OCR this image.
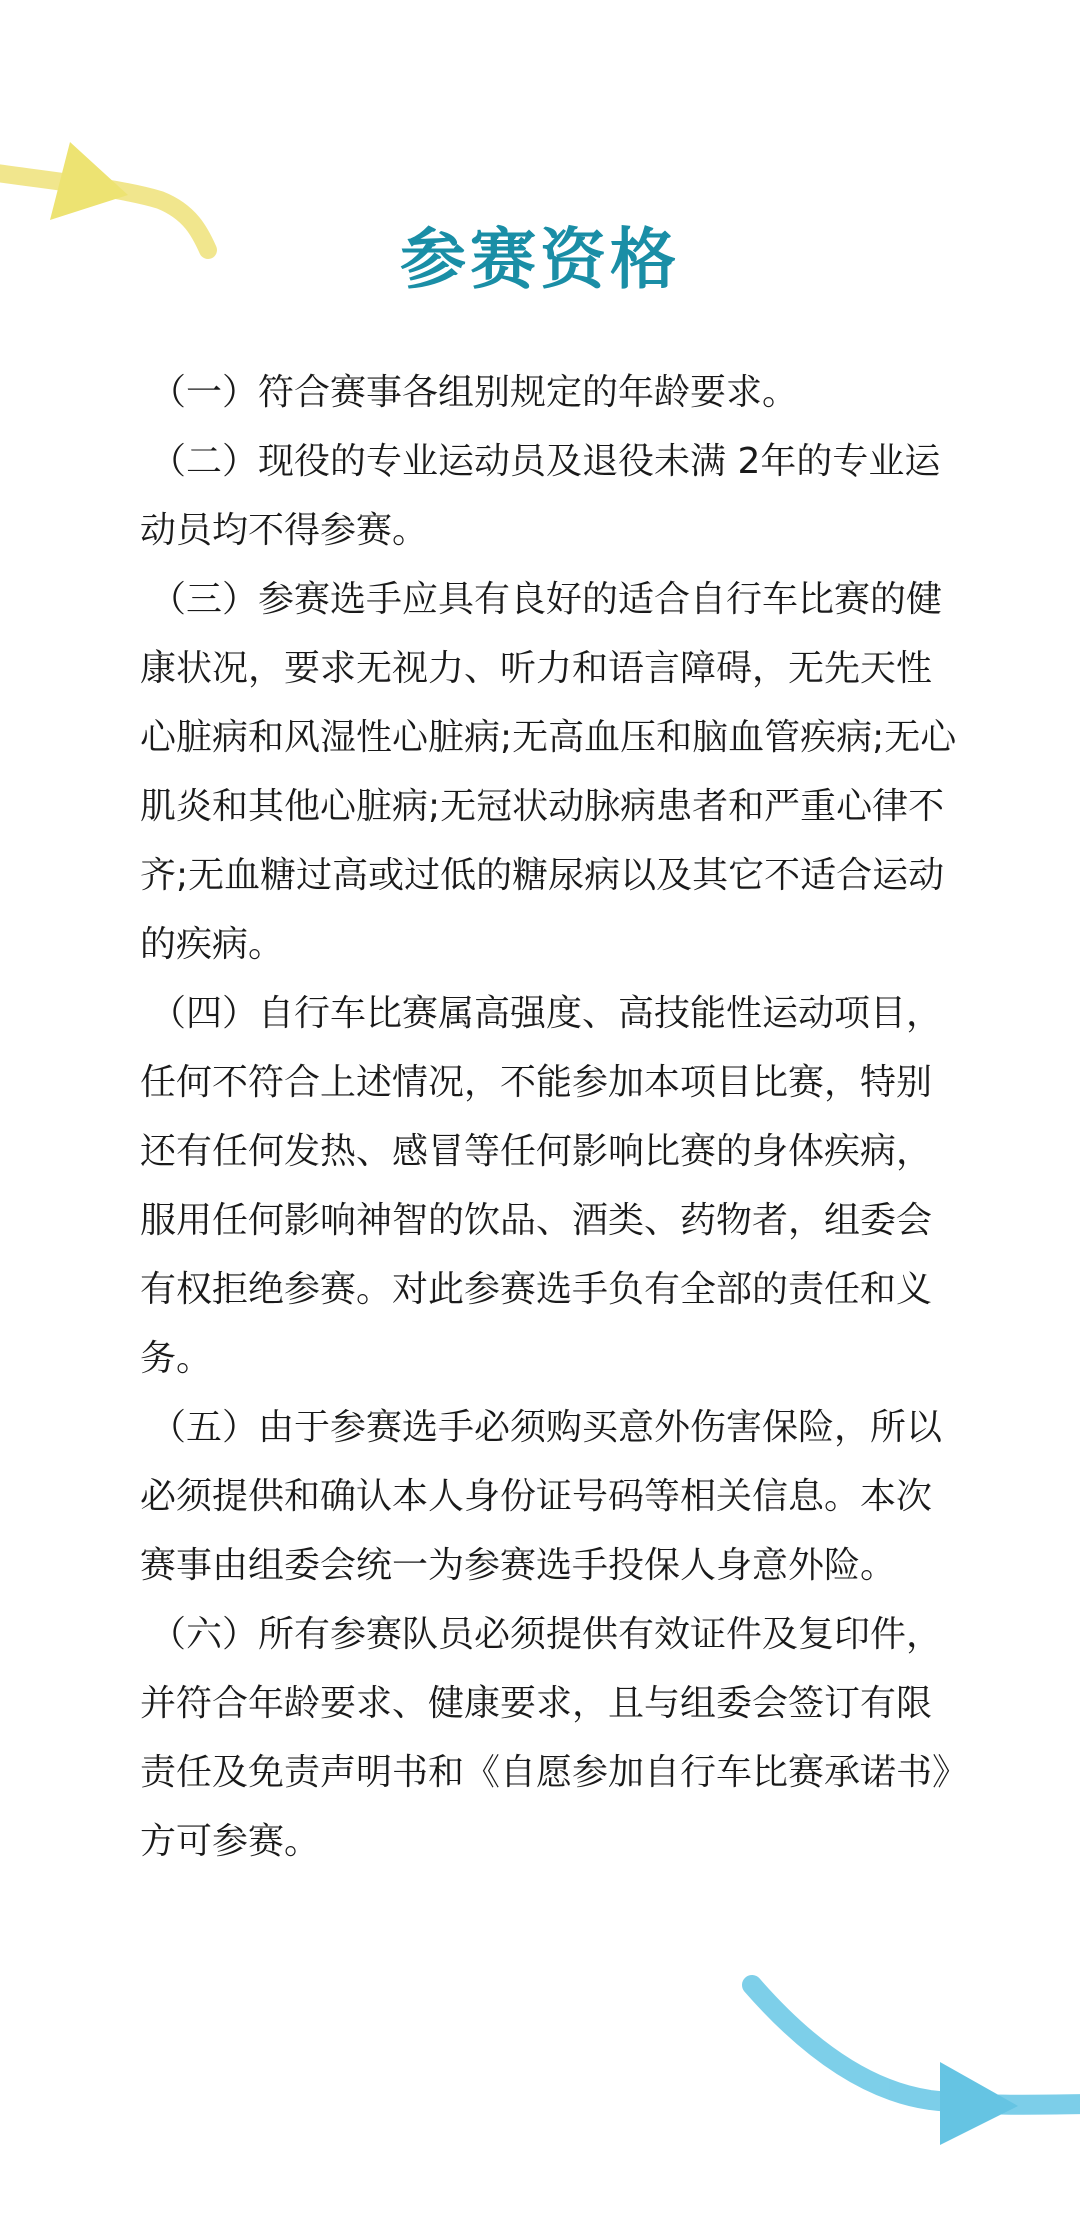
参赛资格

（一）符合赛事各组别规定的年龄要求。

（二）现役的专业运动员及退役未满 2年的专业运动员均不得参赛。

（三）参赛选手应具有良好的适合自行车比赛的健康状况，要求无视力、听力和语言障碍，无先天性心脏病和风湿性心脏病;无高血压和脑血管疾病;无心肌炎和其他心脏病;无冠状动脉病患者和严重心律不齐;无血糖过高或过低的糖尿病以及其它不适合运动的疾病。

（四）自行车比赛属高强度、高技能性运动项目，任何不符合上述情况，不能参加本项目比赛，特别还有任何发热、感冒等任何影响比赛的身体疾病，服用任何影响神智的饮品、酒类、药物者，组委会有权拒绝参赛。对此参赛选手负有全部的责任和义务。

（五）由于参赛选手必须购买意外伤害保险，所以必须提供和确认本人身份证号码等相关信息。本次赛事由组委会统一为参赛选手投保人身意外险。

（六）所有参赛队员必须提供有效证件及复印件，并符合年龄要求、健康要求，且与组委会签订有限责任及免责声明书和《自愿参加自行车比赛承诺书》方可参赛。
